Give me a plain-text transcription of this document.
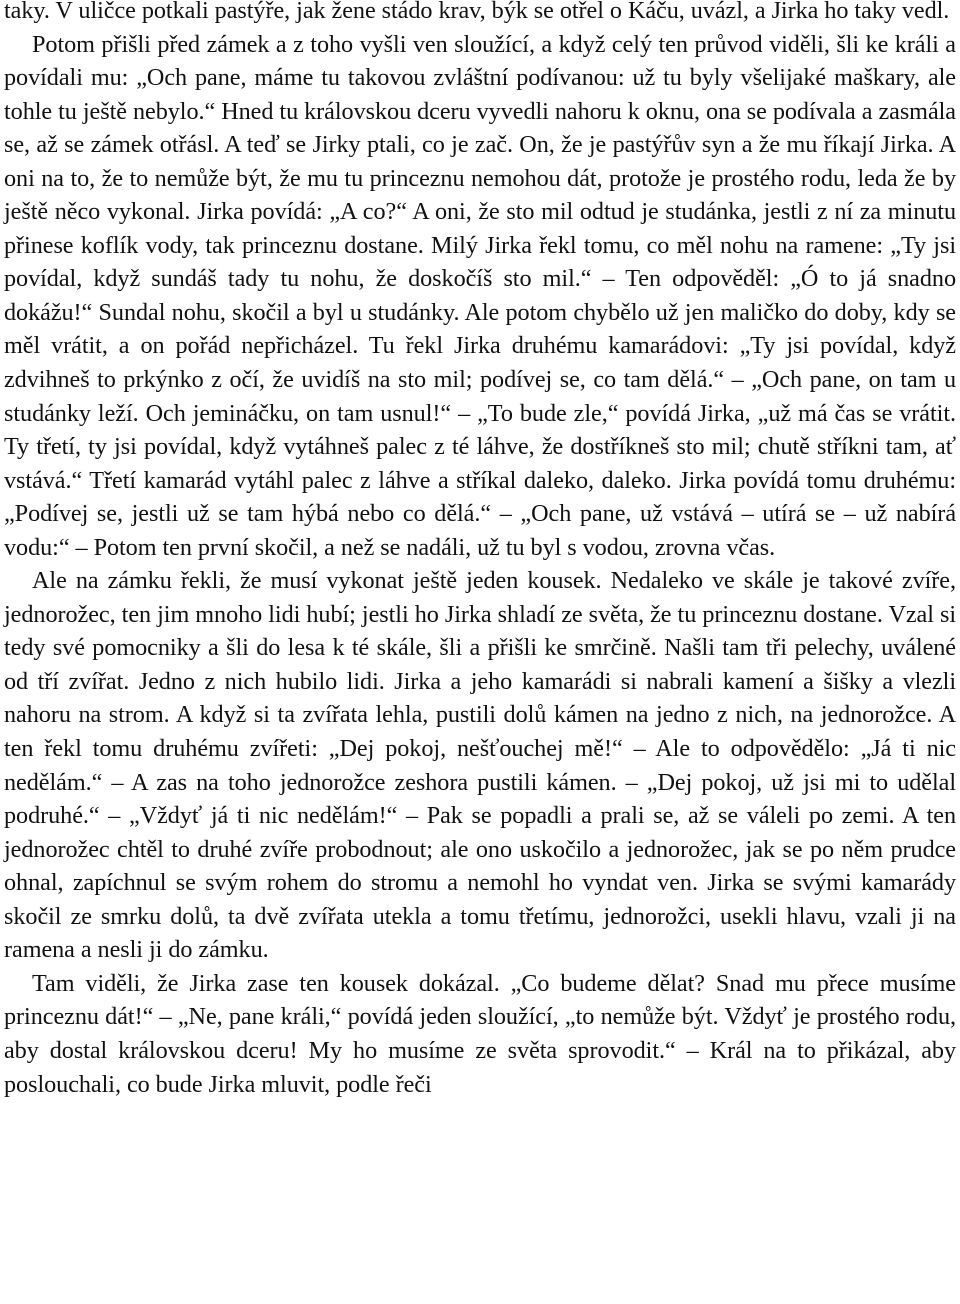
taky. V uličce potkali pastýře, jak žene stádo krav, býk se otřel o Káču, uvázl, a Jirka ho taky vedl.

Potom přišli před zámek a z toho vyšli ven sloužící, a když celý ten průvod viděli, šli ke králi a povídali mu: „Och pane, máme tu takovou zvláštní podívanou: už tu byly všelijaké maškary, ale tohle tu ještě nebylo.“ Hned tu královskou dceru vyvedli nahoru k oknu, ona se podívala a zasmála se, až se zámek otřásl. A teď se Jirky ptali, co je zač. On, že je pastýřův syn a že mu říkají Jirka. A oni na to, že to nemůže být, že mu tu princeznu nemohou dát, protože je prostého rodu, leda že by ještě něco vykonal. Jirka povídá: „A co?“ A oni, že sto mil odtud je studánka, jestli z ní za minutu přinese koflík vody, tak princeznu dostane. Milý Jirka řekl tomu, co měl nohu na ramene: „Ty jsi povídal, když sundáš tady tu nohu, že doskočíš sto mil.“ – Ten odpověděl: „Ó to já snadno dokážu!“ Sundal nohu, skočil a byl u studánky. Ale potom chybělo už jen maličko do doby, kdy se měl vrátit, a on pořád nepřicházel. Tu řekl Jirka druhému kamarádovi: „Ty jsi povídal, když zdvihneš to prkýnko z očí, že uvidíš na sto mil; podívej se, co tam dělá.“ – „Och pane, on tam u studánky leží. Och jemináčku, on tam usnul!“ – „To bude zle,“ povídá Jirka, „už má čas se vrátit. Ty třetí, ty jsi povídal, když vytáhneš palec z té láhve, že dostříkneš sto mil; chutě stříkni tam, ať vstává.“ Třetí kamarád vytáhl palec z láhve a stříkal daleko, daleko. Jirka povídá tomu druhému: „Podívej se, jestli už se tam hýbá nebo co dělá.“ – „Och pane, už vstává – utírá se – už nabírá vodu:“ – Potom ten první skočil, a než se nadáli, už tu byl s vodou, zrovna včas.

Ale na zámku řekli, že musí vykonat ještě jeden kousek. Nedaleko ve skále je takové zvíře, jednorožec, ten jim mnoho lidi hubí; jestli ho Jirka shladí ze světa, že tu princeznu dostane. Vzal si tedy své pomocniky a šli do lesa k té skále, šli a přišli ke smrčině. Našli tam tři pelechy, uválené od tří zvířat. Jedno z nich hubilo lidi. Jirka a jeho kamarádi si nabrali kamení a šišky a vlezli nahoru na strom. A když si ta zvířata lehla, pustili dolů kámen na jedno z nich, na jednorožce. A ten řekl tomu druhému zvířeti: „Dej pokoj, nešťouchej mě!“ – Ale to odpovědělo: „Já ti nic nedělám.“ – A zas na toho jednorožce zeshora pustili kámen. – „Dej pokoj, už jsi mi to udělal podruhé.“ – „Vždyť já ti nic nedělám!“ – Pak se popadli a prali se, až se váleli po zemi. A ten jednorožec chtěl to druhé zvíře probodnout; ale ono uskočilo a jednorožec, jak se po něm prudce ohnal, zapíchnul se svým rohem do stromu a nemohl ho vyndat ven. Jirka se svými kamarády skočil ze smrku dolů, ta dvě zvířata utekla a tomu třetímu, jednorožci, usekli hlavu, vzali ji na ramena a nesli ji do zámku.

Tam viděli, že Jirka zase ten kousek dokázal. „Co budeme dělat? Snad mu přece musíme princeznu dát!“ – „Ne, pane králi,“ povídá jeden sloužící, „to nemůže být. Vždyť je prostého rodu, aby dostal královskou dceru! My ho musíme ze světa sprovodit.“ – Král na to přikázal, aby poslouchali, co bude Jirka mluvit, podle řeči
